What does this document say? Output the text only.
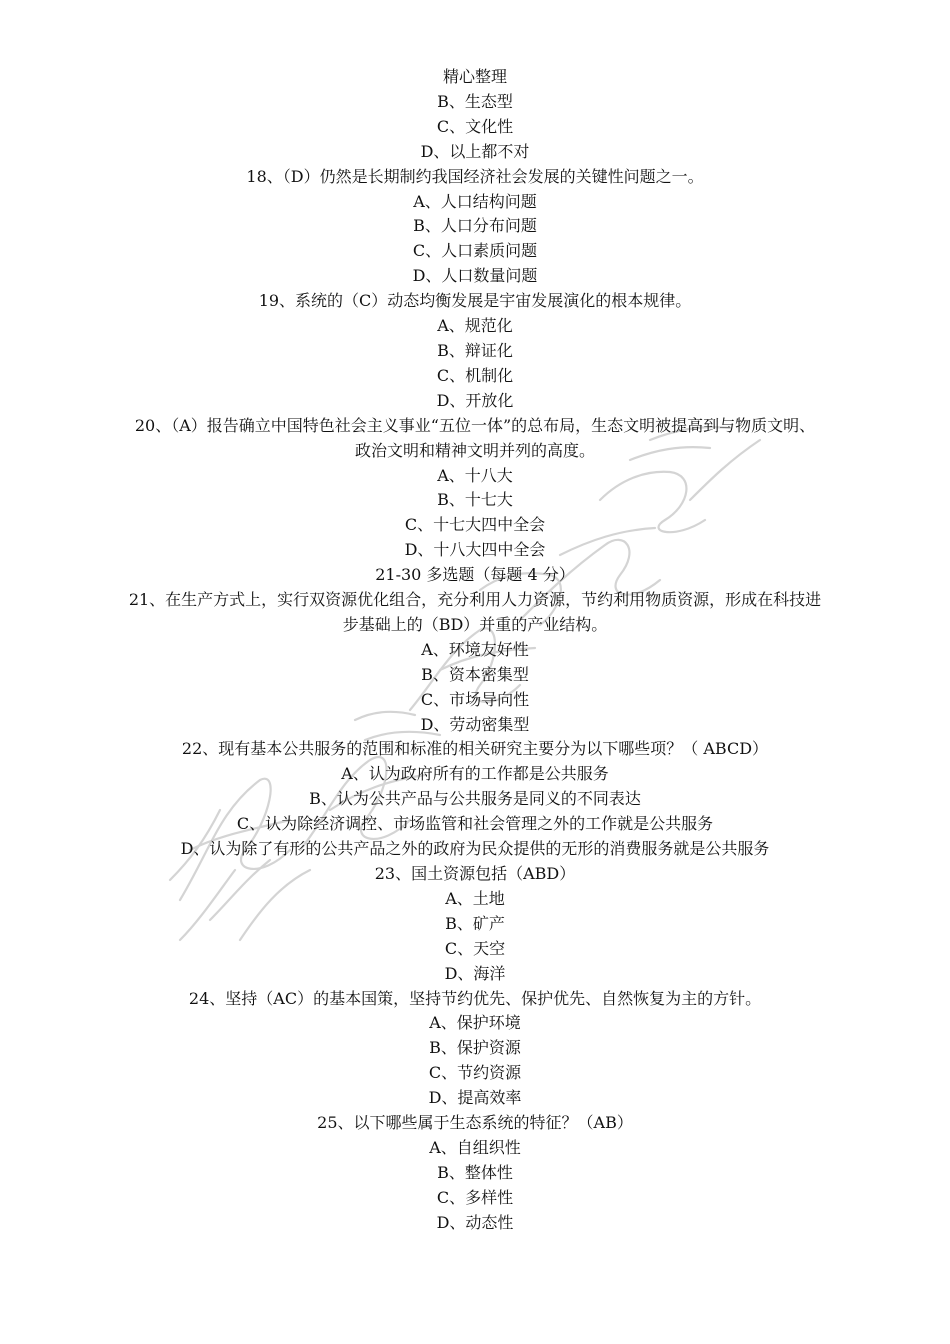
精心整理
B、生态型
C、文化性
D、以上都不对
18、（D）仍然是长期制约我国经济社会发展的关键性问题之一。
A、人口结构问题
B、人口分布问题
C、人口素质问题
D、人口数量问题
19、系统的（C）动态均衡发展是宇宙发展演化的根本规律。
A、规范化
B、辩证化
C、机制化
D、开放化
20、（A）报告确立中国特色社会主义事业“五位一体”的总布局，生态文明被提高到与物质文明、
政治文明和精神文明并列的高度。
A、十八大
B、十七大
C、十七大四中全会
D、十八大四中全会
21-30 多选题（每题 4 分）
21、在生产方式上，实行双资源优化组合，充分利用人力资源，节约利用物质资源，形成在科技进
步基础上的（BD）并重的产业结构。
A、环境友好性
B、资本密集型
C、市场导向性
D、劳动密集型
22、现有基本公共服务的范围和标准的相关研究主要分为以下哪些项？（ ABCD）
A、认为政府所有的工作都是公共服务
B、认为公共产品与公共服务是同义的不同表达
C、认为除经济调控、市场监管和社会管理之外的工作就是公共服务
D、认为除了有形的公共产品之外的政府为民众提供的无形的消费服务就是公共服务
23、国土资源包括（ABD）
A、土地
B、矿产
C、天空
D、海洋
24、坚持（AC）的基本国策，坚持节约优先、保护优先、自然恢复为主的方针。
A、保护环境
B、保护资源
C、节约资源
D、提高效率
25、以下哪些属于生态系统的特征？（AB）
A、自组织性
B、整体性
C、多样性
D、动态性
